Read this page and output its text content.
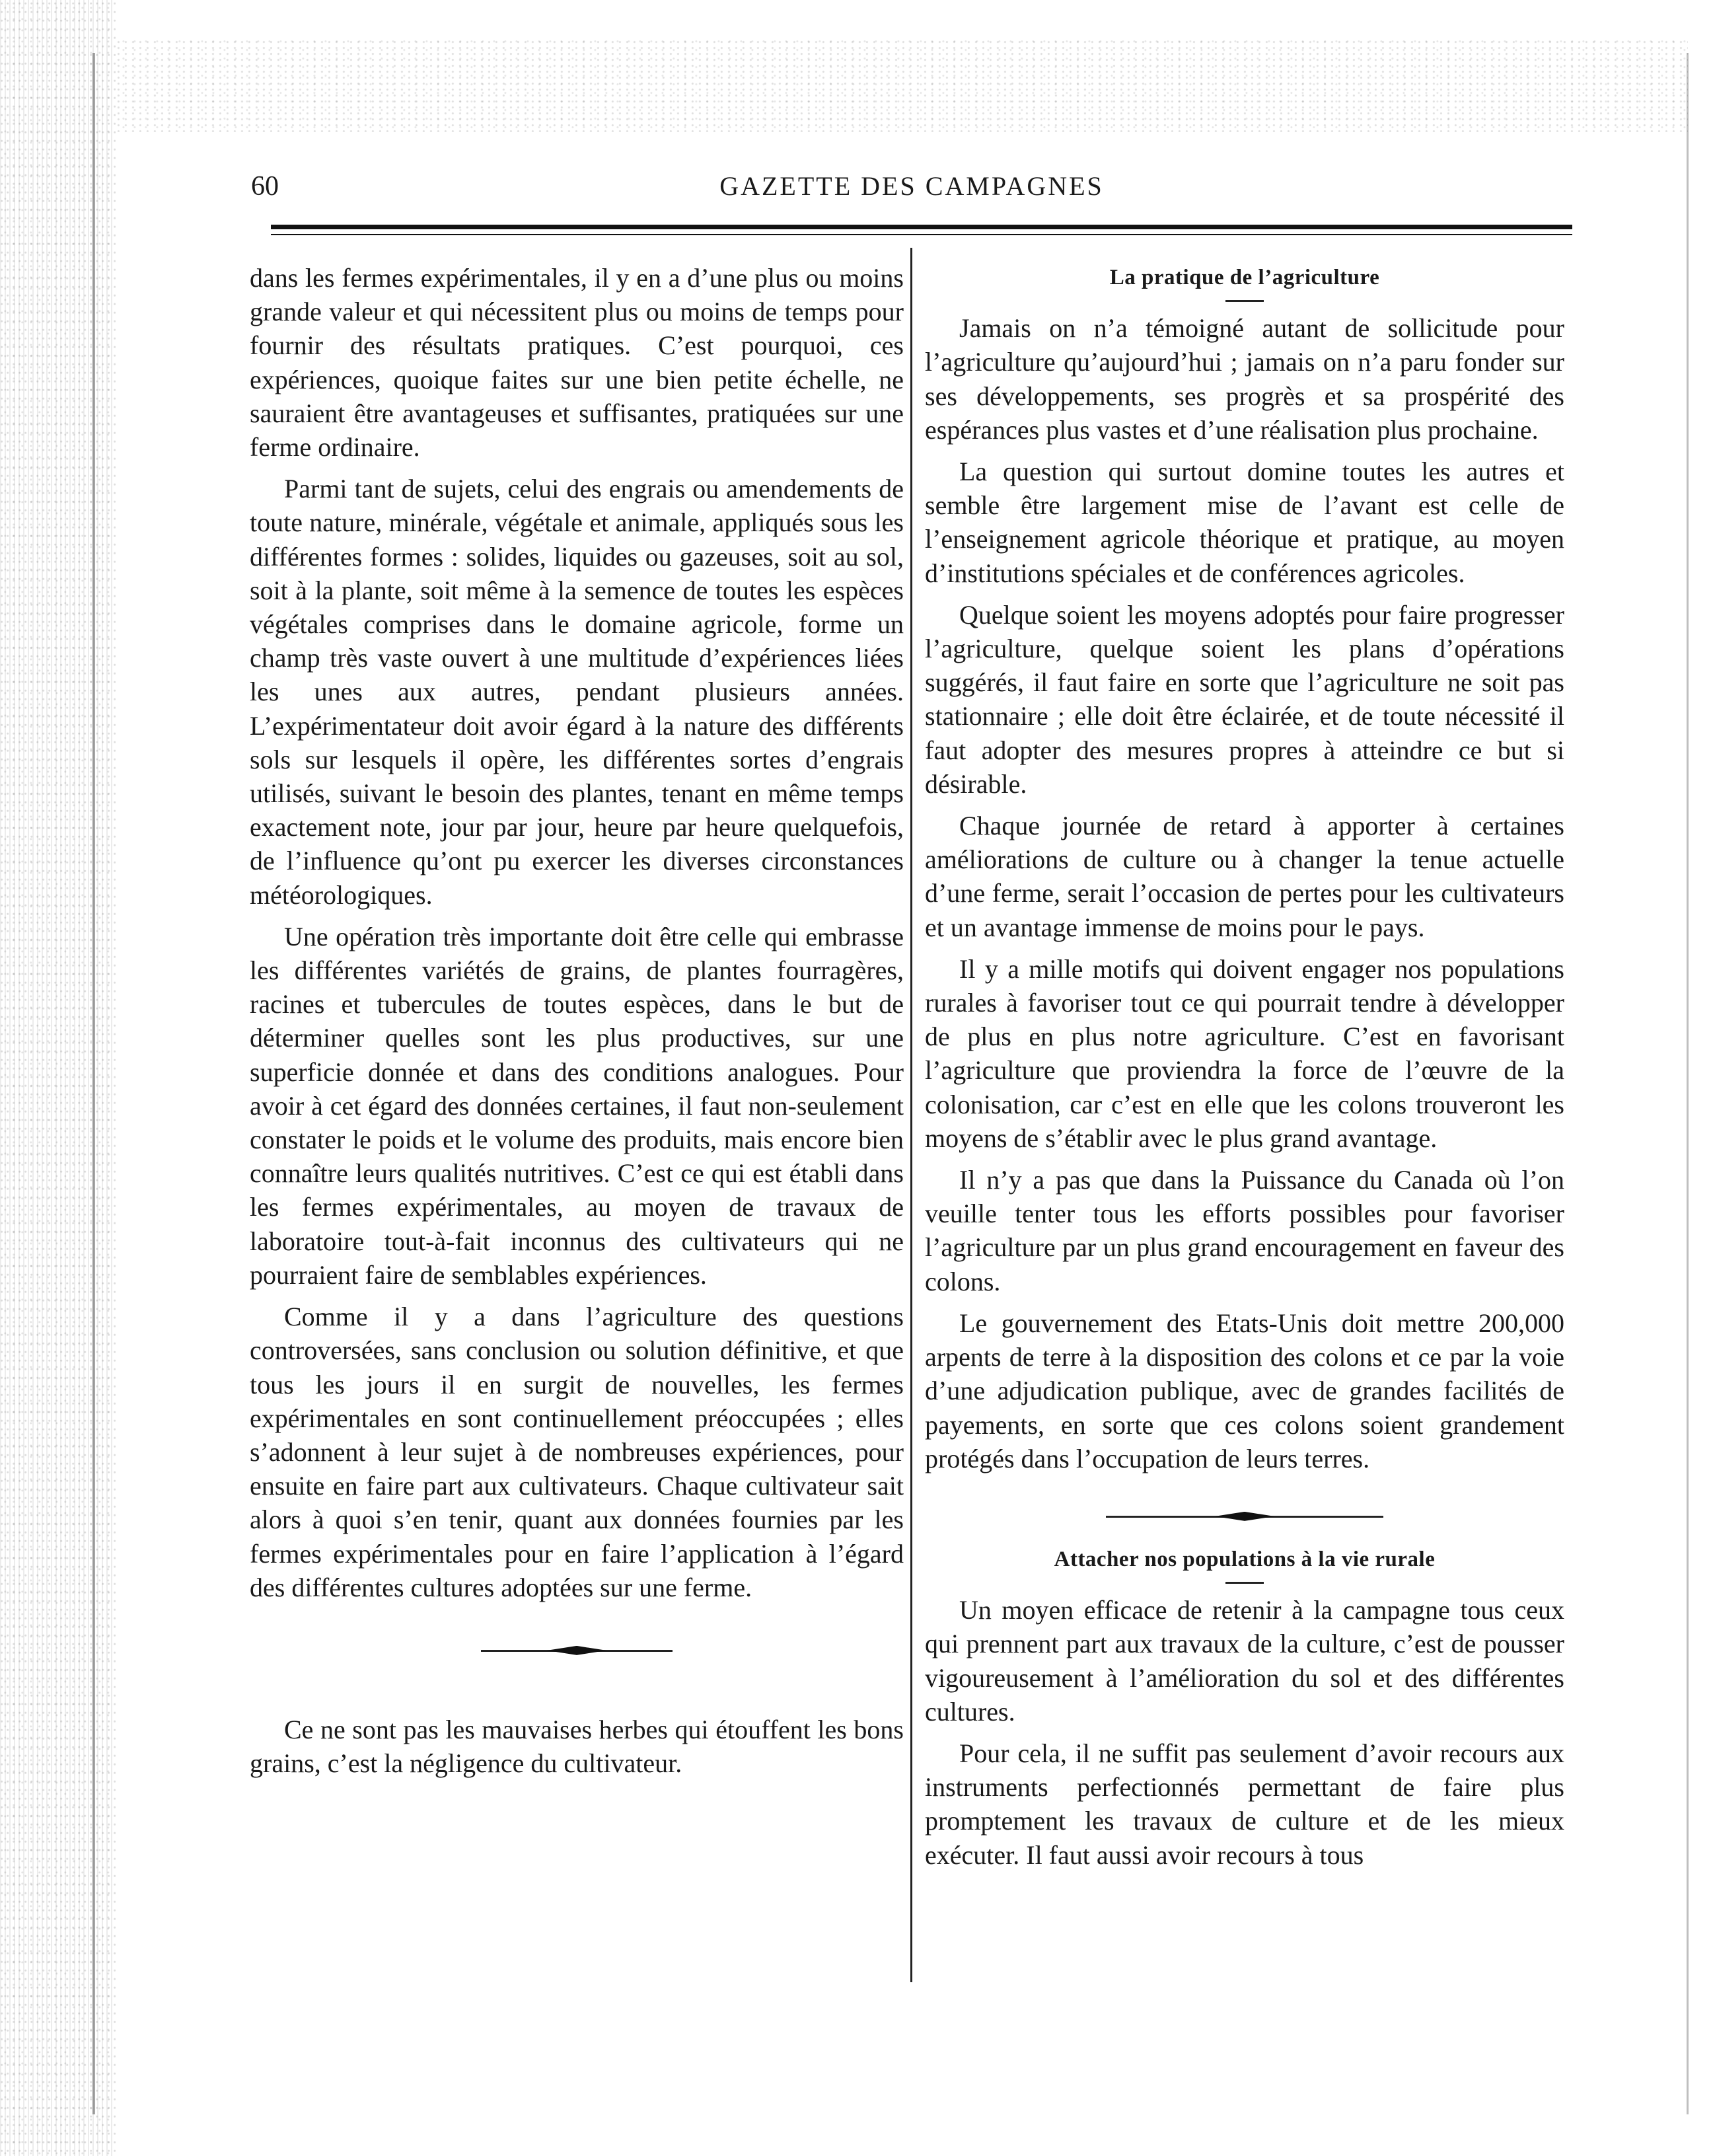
60	GAZETTE DES CAMPAGNES

dans les fermes expérimentales, il y en a d’une plus ou moins grande valeur et qui nécessitent plus ou moins de temps pour fournir des résultats pratiques. C’est pourquoi, ces expériences, quoique faites sur une bien petite échelle, ne sauraient être avantageuses et suffisantes, pratiquées sur une ferme ordinaire.

Parmi tant de sujets, celui des engrais ou amendements de toute nature, minérale, végétale et animale, appliqués sous les différentes formes : solides, liquides ou gazeuses, soit au sol, soit à la plante, soit même à la semence de toutes les espèces végétales comprises dans le domaine agricole, forme un champ très vaste ouvert à une multitude d’expériences liées les unes aux autres, pendant plusieurs années. L’expérimentateur doit avoir égard à la nature des différents sols sur lesquels il opère, les différentes sortes d’engrais utilisés, suivant le besoin des plantes, tenant en même temps exactement note, jour par jour, heure par heure quelquefois, de l’influence qu’ont pu exercer les diverses circonstances météorologiques.

Une opération très importante doit être celle qui embrasse les différentes variétés de grains, de plantes fourragères, racines et tubercules de toutes espèces, dans le but de déterminer quelles sont les plus productives, sur une superficie donnée et dans des conditions analogues. Pour avoir à cet égard des données certaines, il faut non-seulement constater le poids et le volume des produits, mais encore bien connaître leurs qualités nutritives. C’est ce qui est établi dans les fermes expérimentales, au moyen de travaux de laboratoire tout-à-fait inconnus des cultivateurs qui ne pourraient faire de semblables expériences.

Comme il y a dans l’agriculture des questions controversées, sans conclusion ou solution définitive, et que tous les jours il en surgit de nouvelles, les fermes expérimentales en sont continuellement préoccupées ; elles s’adonnent à leur sujet à de nombreuses expériences, pour ensuite en faire part aux cultivateurs. Chaque cultivateur sait alors à quoi s’en tenir, quant aux données fournies par les fermes expérimentales pour en faire l’application à l’égard des différentes cultures adoptées sur une ferme.

Ce ne sont pas les mauvaises herbes qui étouffent les bons grains, c’est la négligence du cultivateur.

La pratique de l’agriculture

Jamais on n’a témoigné autant de sollicitude pour l’agriculture qu’aujourd’hui ; jamais on n’a paru fonder sur ses développements, ses progrès et sa prospérité des espérances plus vastes et d’une réalisation plus prochaine.

La question qui surtout domine toutes les autres et semble être largement mise de l’avant est celle de l’enseignement agricole théorique et pratique, au moyen d’institutions spéciales et de conférences agricoles.

Quelque soient les moyens adoptés pour faire progresser l’agriculture, quelque soient les plans d’opérations suggérés, il faut faire en sorte que l’agriculture ne soit pas stationnaire ; elle doit être éclairée, et de toute nécessité il faut adopter des mesures propres à atteindre ce but si désirable.

Chaque journée de retard à apporter à certaines améliorations de culture ou à changer la tenue actuelle d’une ferme, serait l’occasion de pertes pour les cultivateurs et un avantage immense de moins pour le pays.

Il y a mille motifs qui doivent engager nos populations rurales à favoriser tout ce qui pourrait tendre à développer de plus en plus notre agriculture. C’est en favorisant l’agriculture que proviendra la force de l’œuvre de la colonisation, car c’est en elle que les colons trouveront les moyens de s’établir avec le plus grand avantage.

Il n’y a pas que dans la Puissance du Canada où l’on veuille tenter tous les efforts possibles pour favoriser l’agriculture par un plus grand encouragement en faveur des colons.

Le gouvernement des Etats-Unis doit mettre 200,000 arpents de terre à la disposition des colons et ce par la voie d’une adjudication publique, avec de grandes facilités de payements, en sorte que ces colons soient grandement protégés dans l’occupation de leurs terres.

Attacher nos populations à la vie rurale

Un moyen efficace de retenir à la campagne tous ceux qui prennent part aux travaux de la culture, c’est de pousser vigoureusement à l’amélioration du sol et des différentes cultures.

Pour cela, il ne suffit pas seulement d’avoir recours aux instruments perfectionnés permettant de faire plus promptement les travaux de culture et de les mieux exécuter. Il faut aussi avoir recours à tous
